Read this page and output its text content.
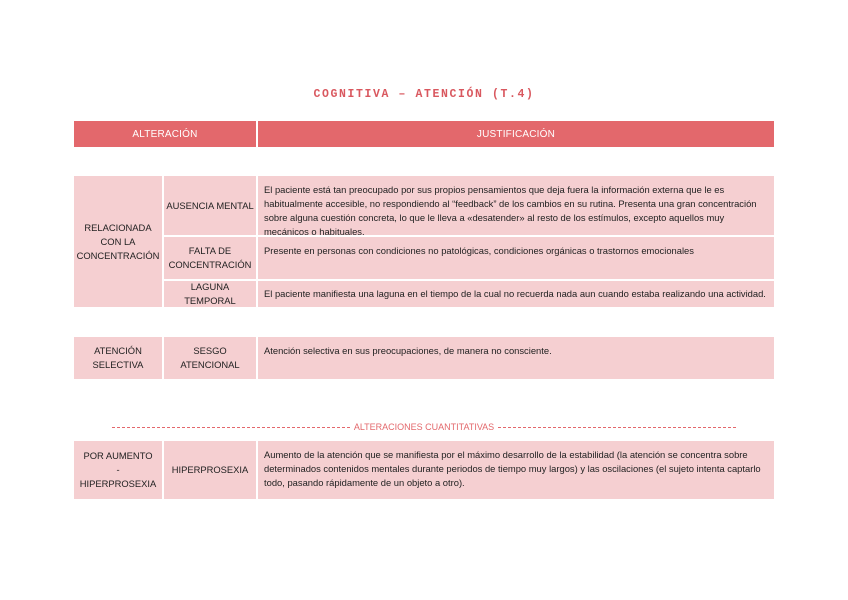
COGNITIVA – ATENCIÓN (T.4)
ALTERACIÓN	JUSTIFICACIÓN
RELACIONADA
CON LA
CONCENTRACIÓN
AUSENCIA MENTAL
El paciente está tan preocupado por sus propios pensamientos que deja fuera la información externa que le es habitualmente accesible, no respondiendo al “feedback” de los cambios en su rutina. Presenta una gran concentración sobre alguna cuestión concreta, lo que le lleva a «desatender» al resto de los estímulos, excepto aquellos muy mecánicos o habituales.
FALTA DE
CONCENTRACIÓN
Presente en personas con condiciones no patológicas, condiciones orgánicas o trastornos emocionales
LAGUNA TEMPORAL
El paciente manifiesta una laguna en el tiempo de la cual no recuerda nada aun cuando estaba realizando una actividad.
ATENCIÓN
SELECTIVA
SESGO ATENCIONAL
Atención selectiva en sus preocupaciones, de manera no consciente.
ALTERACIONES CUANTITATIVAS
POR AUMENTO
-
HIPERPROSEXIA
HIPERPROSEXIA
Aumento de la atención que se manifiesta por el máximo desarrollo de la estabilidad (la atención se concentra sobre determinados contenidos mentales durante periodos de tiempo muy largos) y las oscilaciones (el sujeto intenta captarlo todo, pasando rápidamente de un objeto a otro).
